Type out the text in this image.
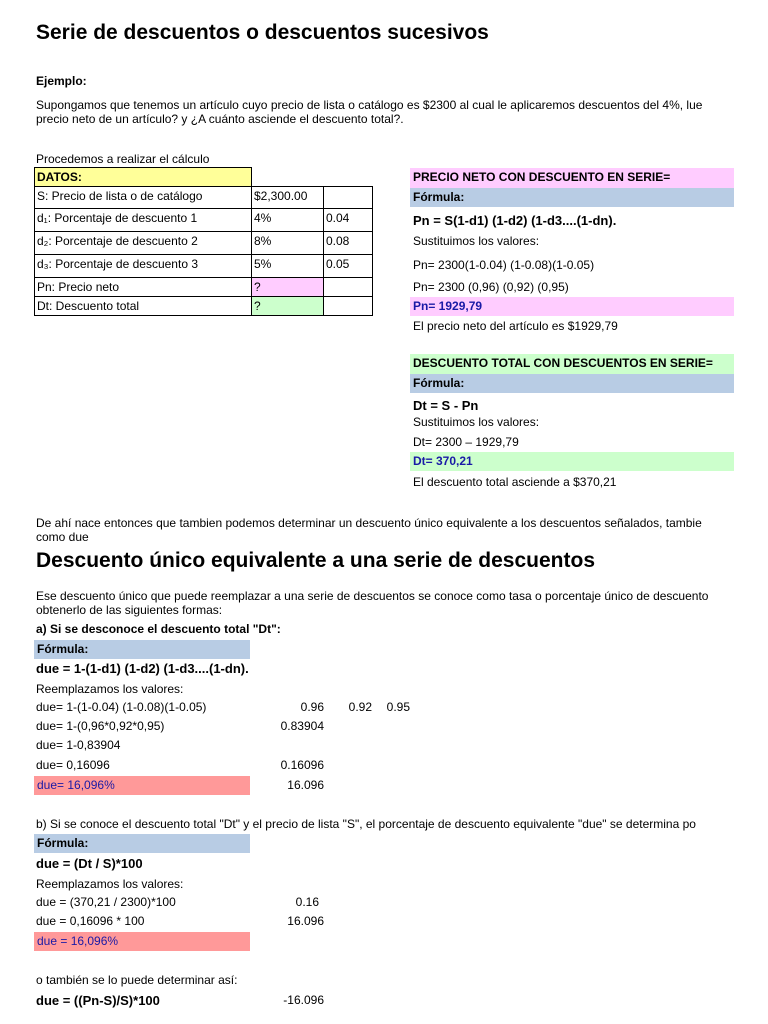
Serie de descuentos o descuentos sucesivos
Ejemplo:
Supongamos que tenemos un artículo cuyo precio de lista o catálogo es $2300 al cual le aplicaremos descuentos del 4%, lue
precio neto de un artículo? y ¿A cuánto asciende el descuento total?.
Procedemos a realizar el cálculo
DATOS:
S: Precio de lista o de catálogo	$2,300.00
d₁: Porcentaje de descuento 1	4%	0.04
d₂: Porcentaje de descuento 2	8%	0.08
d₃: Porcentaje de descuento 3	5%	0.05
Pn: Precio neto	?
Dt: Descuento total	?
PRECIO NETO CON DESCUENTO EN SERIE=
Fórmula:
Pn = S(1-d1) (1-d2) (1-d3....(1-dn).
Sustituimos los valores:
Pn= 2300(1-0.04) (1-0.08)(1-0.05)
Pn= 2300 (0,96) (0,92) (0,95)
Pn= 1929,79
El precio neto del artículo es $1929,79
DESCUENTO TOTAL CON DESCUENTOS EN SERIE=
Fórmula:
Dt = S - Pn
Sustituimos los valores:
Dt= 2300 – 1929,79
Dt= 370,21
El descuento total asciende a $370,21
De ahí nace entonces que tambien podemos determinar un descuento único equivalente a los descuentos señalados, tambie
como due
Descuento único equivalente a una serie de descuentos
Ese descuento único que puede reemplazar a una serie de descuentos se conoce como tasa o porcentaje único de descuento
obtenerlo de las siguientes formas:
a) Si se desconoce el descuento total "Dt":
Fórmula:
due = 1-(1-d1) (1-d2) (1-d3....(1-dn).
Reemplazamos los valores:
due= 1-(1-0.04) (1-0.08)(1-0.05)	0.96	0.92	0.95
due= 1-(0,96*0,92*0,95)	0.83904
due= 1-0,83904
due= 0,16096	0.16096
due= 16,096%	16.096
b) Si se conoce el descuento total "Dt" y el precio de lista "S", el porcentaje de descuento equivalente "due" se determina po
Fórmula:
due = (Dt / S)*100
Reemplazamos los valores:
due = (370,21 / 2300)*100	0.16
due = 0,16096 * 100	16.096
due = 16,096%
o también se lo puede determinar así:
due = ((Pn-S)/S)*100	-16.096
